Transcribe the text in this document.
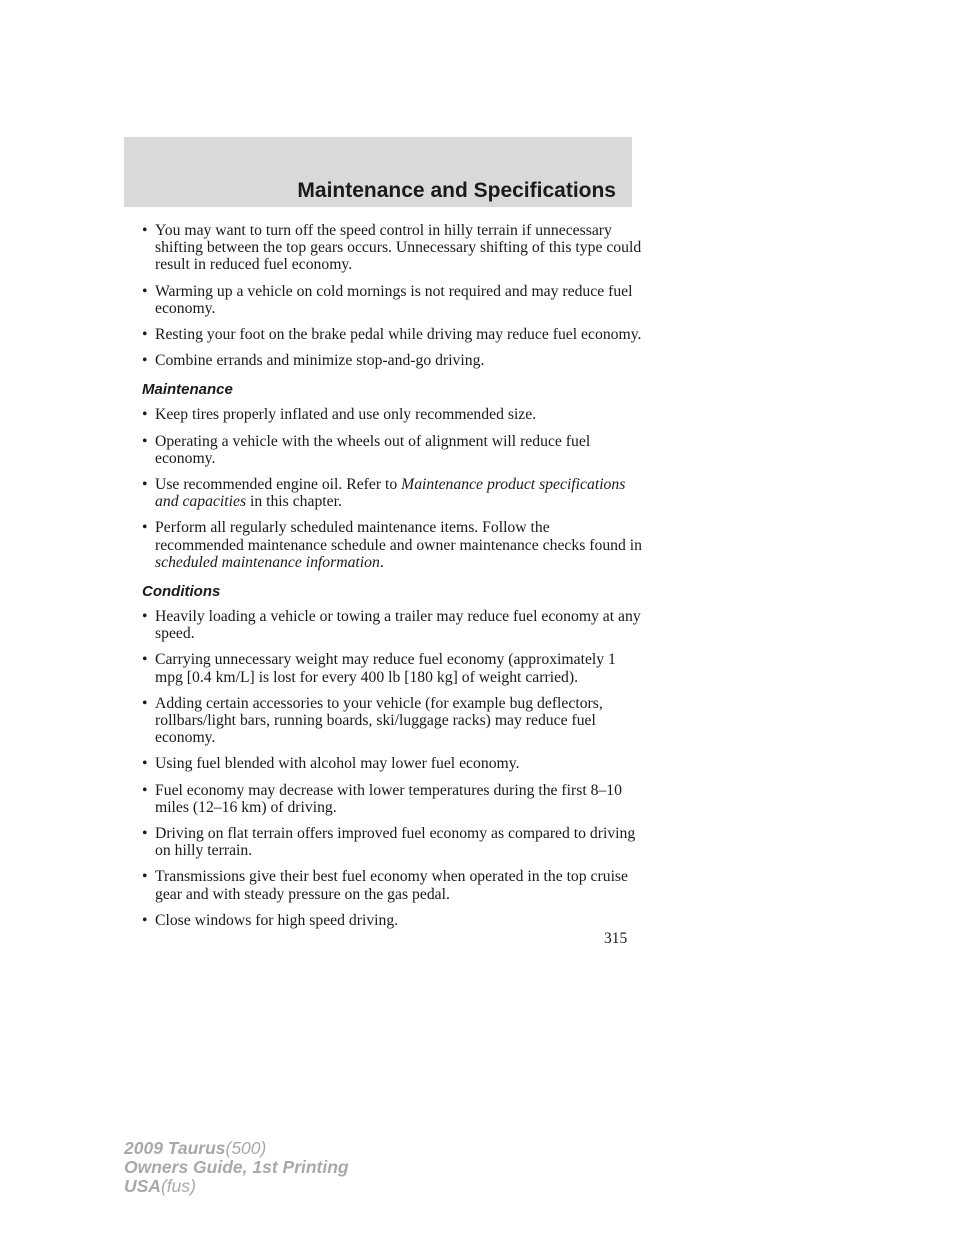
Maintenance and Specifications
• You may want to turn off the speed control in hilly terrain if unnecessary shifting between the top gears occurs. Unnecessary shifting of this type could result in reduced fuel economy.
• Warming up a vehicle on cold mornings is not required and may reduce fuel economy.
• Resting your foot on the brake pedal while driving may reduce fuel economy.
• Combine errands and minimize stop-and-go driving.
Maintenance
• Keep tires properly inflated and use only recommended size.
• Operating a vehicle with the wheels out of alignment will reduce fuel economy.
• Use recommended engine oil. Refer to Maintenance product specifications and capacities in this chapter.
• Perform all regularly scheduled maintenance items. Follow the recommended maintenance schedule and owner maintenance checks found in scheduled maintenance information.
Conditions
• Heavily loading a vehicle or towing a trailer may reduce fuel economy at any speed.
• Carrying unnecessary weight may reduce fuel economy (approximately 1 mpg [0.4 km/L] is lost for every 400 lb [180 kg] of weight carried).
• Adding certain accessories to your vehicle (for example bug deflectors, rollbars/light bars, running boards, ski/luggage racks) may reduce fuel economy.
• Using fuel blended with alcohol may lower fuel economy.
• Fuel economy may decrease with lower temperatures during the first 8–10 miles (12–16 km) of driving.
• Driving on flat terrain offers improved fuel economy as compared to driving on hilly terrain.
• Transmissions give their best fuel economy when operated in the top cruise gear and with steady pressure on the gas pedal.
• Close windows for high speed driving.
315
2009 Taurus(500)
Owners Guide, 1st Printing
USA(fus)
